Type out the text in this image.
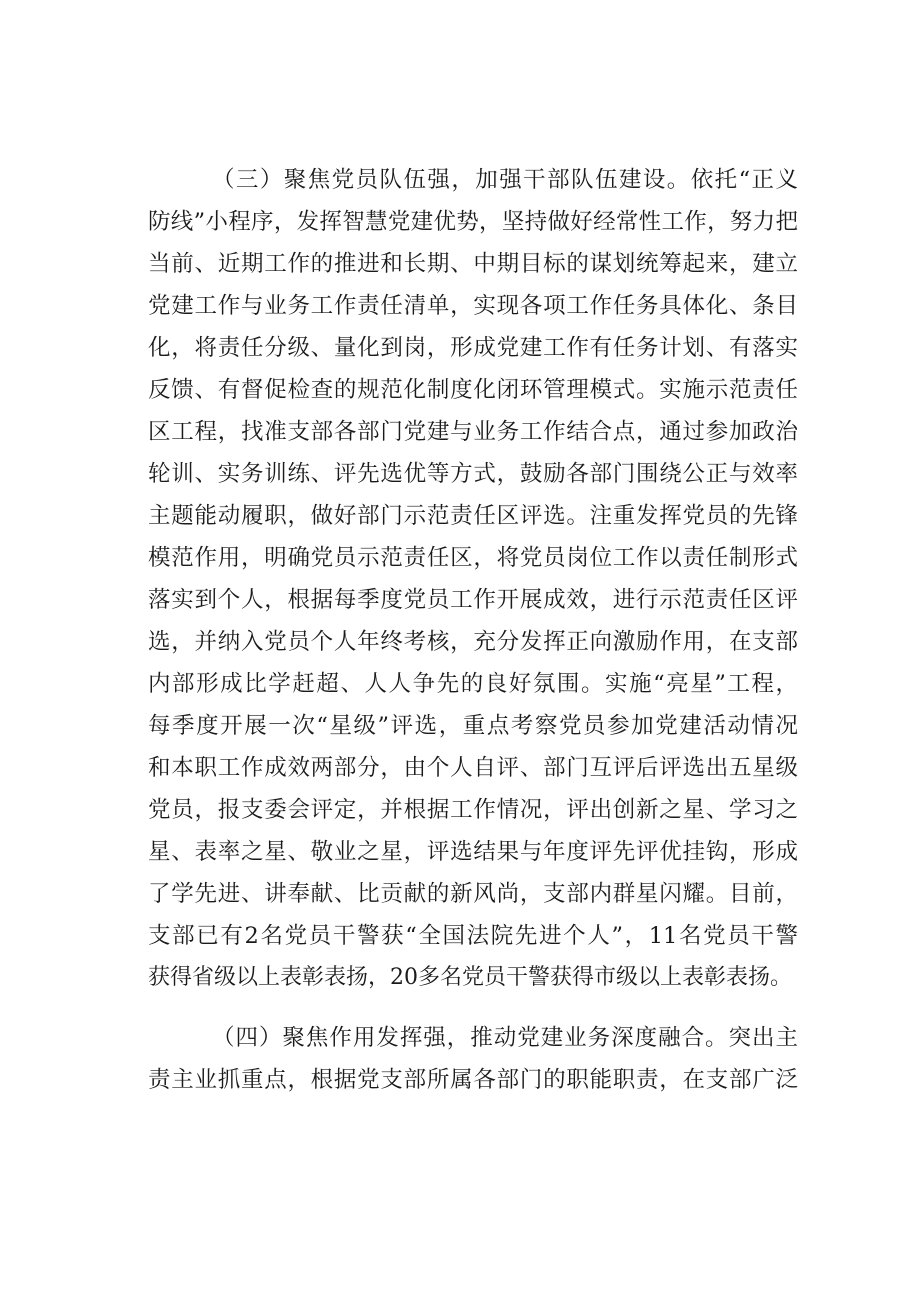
（三）聚焦党员队伍强，加强干部队伍建设。依托“正义
防线”小程序，发挥智慧党建优势，坚持做好经常性工作，努力把
当前、近期工作的推进和长期、中期目标的谋划统筹起来，建立
党建工作与业务工作责任清单，实现各项工作任务具体化、条目
化，将责任分级、量化到岗，形成党建工作有任务计划、有落实
反馈、有督促检查的规范化制度化闭环管理模式。实施示范责任
区工程，找准支部各部门党建与业务工作结合点，通过参加政治
轮训、实务训练、评先选优等方式，鼓励各部门围绕公正与效率
主题能动履职，做好部门示范责任区评选。注重发挥党员的先锋
模范作用，明确党员示范责任区，将党员岗位工作以责任制形式
落实到个人，根据每季度党员工作开展成效，进行示范责任区评
选，并纳入党员个人年终考核，充分发挥正向激励作用，在支部
内部形成比学赶超、人人争先的良好氛围。实施“亮星”工程，
每季度开展一次“星级”评选，重点考察党员参加党建活动情况
和本职工作成效两部分，由个人自评、部门互评后评选出五星级
党员，报支委会评定，并根据工作情况，评出创新之星、学习之
星、表率之星、敬业之星，评选结果与年度评先评优挂钩，形成
了学先进、讲奉献、比贡献的新风尚，支部内群星闪耀。目前，
支部已有2名党员干警获“全国法院先进个人”，11名党员干警
获得省级以上表彰表扬，20多名党员干警获得市级以上表彰表扬。
（四）聚焦作用发挥强，推动党建业务深度融合。突出主
责主业抓重点，根据党支部所属各部门的职能职责，在支部广泛
